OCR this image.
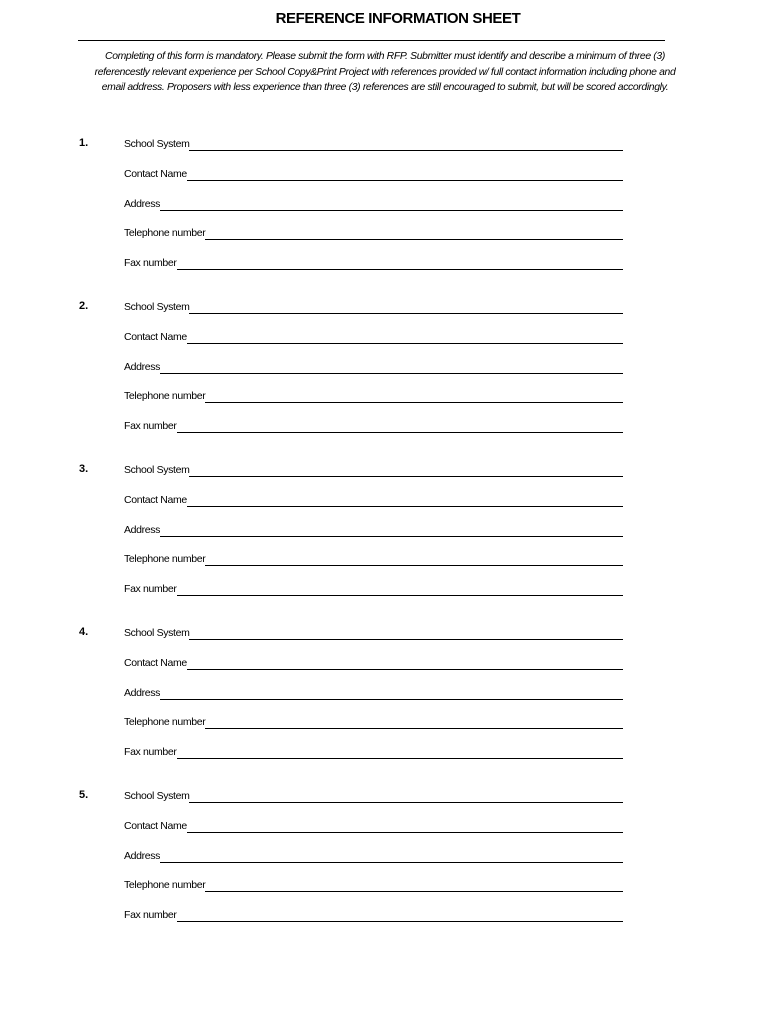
REFERENCE INFORMATION SHEET

Completing of this form is mandatory. Please submit the form with RFP. Submitter must identify and describe a minimum of three (3)

referencestly relevant experience per School Copy&Print Project with references provided w/ full contact information including phone and

email address. Proposers with less experience than three (3) references are still encouraged to submit, but will be scored accordingly.

1.	School System
Contact Name
Address
Telephone number
Fax number
2.	School System
Contact Name
Address
Telephone number
Fax number
3.	School System
Contact Name
Address
Telephone number
Fax number
4.	School System
Contact Name
Address
Telephone number
Fax number
5.	School System
Contact Name
Address
Telephone number
Fax number
